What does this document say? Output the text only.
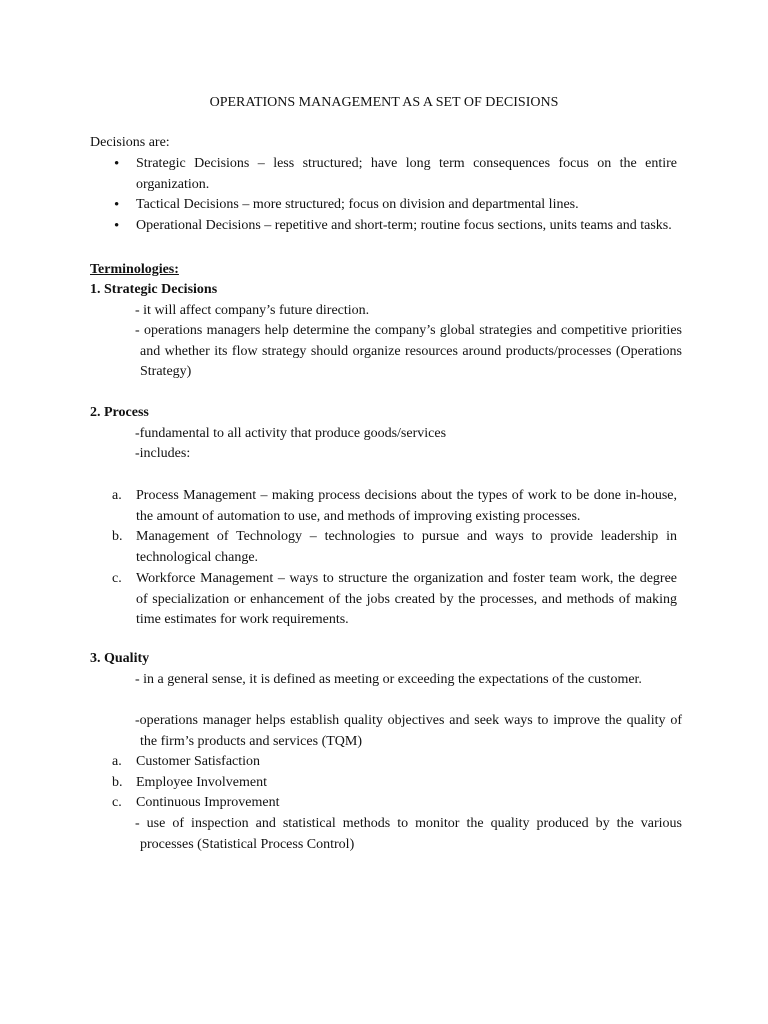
OPERATIONS MANAGEMENT AS A SET OF DECISIONS
Decisions are:
• Strategic Decisions – less structured; have long term consequences focus on the entire organization.
• Tactical Decisions – more structured; focus on division and departmental lines.
• Operational Decisions – repetitive and short-term; routine focus sections, units teams and tasks.
Terminologies:
1. Strategic Decisions
- it will affect company’s future direction.
- operations managers help determine the company’s global strategies and competitive priorities and whether its flow strategy should organize resources around products/processes (Operations Strategy)
2. Process
-fundamental to all activity that produce goods/services
-includes:
a. Process Management – making process decisions about the types of work to be done in-house, the amount of automation to use, and methods of improving existing processes.
b. Management of Technology – technologies to pursue and ways to provide leadership in technological change.
c. Workforce Management – ways to structure the organization and foster team work, the degree of specialization or enhancement of the jobs created by the processes, and methods of making time estimates for work requirements.
3. Quality
- in a general sense, it is defined as meeting or exceeding the expectations of the customer.
-operations manager helps establish quality objectives and seek ways to improve the quality of the firm’s products and services (TQM)
a. Customer Satisfaction
b. Employee Involvement
c. Continuous Improvement
- use of inspection and statistical methods to monitor the quality produced by the various processes (Statistical Process Control)
